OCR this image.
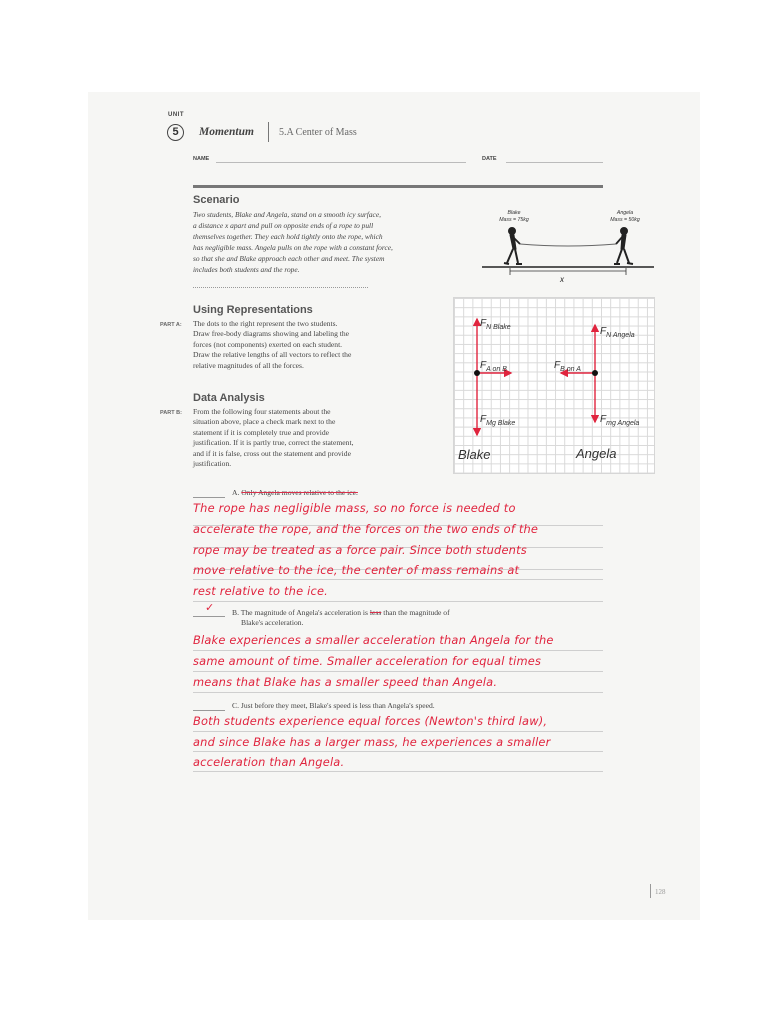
UNIT
5	Momentum	5.A Center of Mass
NAME	DATE
Scenario
Two students, Blake and Angela, stand on a smooth icy surface,
a distance x apart and pull on opposite ends of a rope to pull
themselves together. They each hold tightly onto the rope, which
has negligible mass. Angela pulls on the rope with a constant force,
so that she and Blake approach each other and meet. The system
includes both students and the rope.
Blake
Mass = 75kg
Angela
Mass = 50kg
x
Using Representations
PART A: The dots to the right represent the two students.
Draw free-body diagrams showing and labeling the
forces (not components) exerted on each student.
Draw the relative lengths of all vectors to reflect the
relative magnitudes of all the forces.
$F_{N Blake}$
$F_{A on B}$
$F_{Mg Blake}$
$F_{N Angela}$
$F_{B on A}$
$F_{mg Angela}$
Blake	Angela
Data Analysis
PART B: From the following four statements about the
situation above, place a check mark next to the
statement if it is completely true and provide
justification. If it is partly true, correct the statement,
and if it is false, cross out the statement and provide
justification.
A. Only Angela moves relative to the ice.
The rope has negligible mass, so no force is needed to
accelerate the rope, and the forces on the two ends of the
rope may be treated as a force pair. Since both students
move relative to the ice, the center of mass remains at
rest relative to the ice.
✓ B. The magnitude of Angela's acceleration is less than the magnitude of
Blake's acceleration.
Blake experiences a smaller acceleration than Angela for the
same amount of time. Smaller acceleration for equal times
means that Blake has a smaller speed than Angela.
C. Just before they meet, Blake's speed is less than Angela's speed.
Both students experience equal forces (Newton's third law),
and since Blake has a larger mass, he experiences a smaller
acceleration than Angela.
128
